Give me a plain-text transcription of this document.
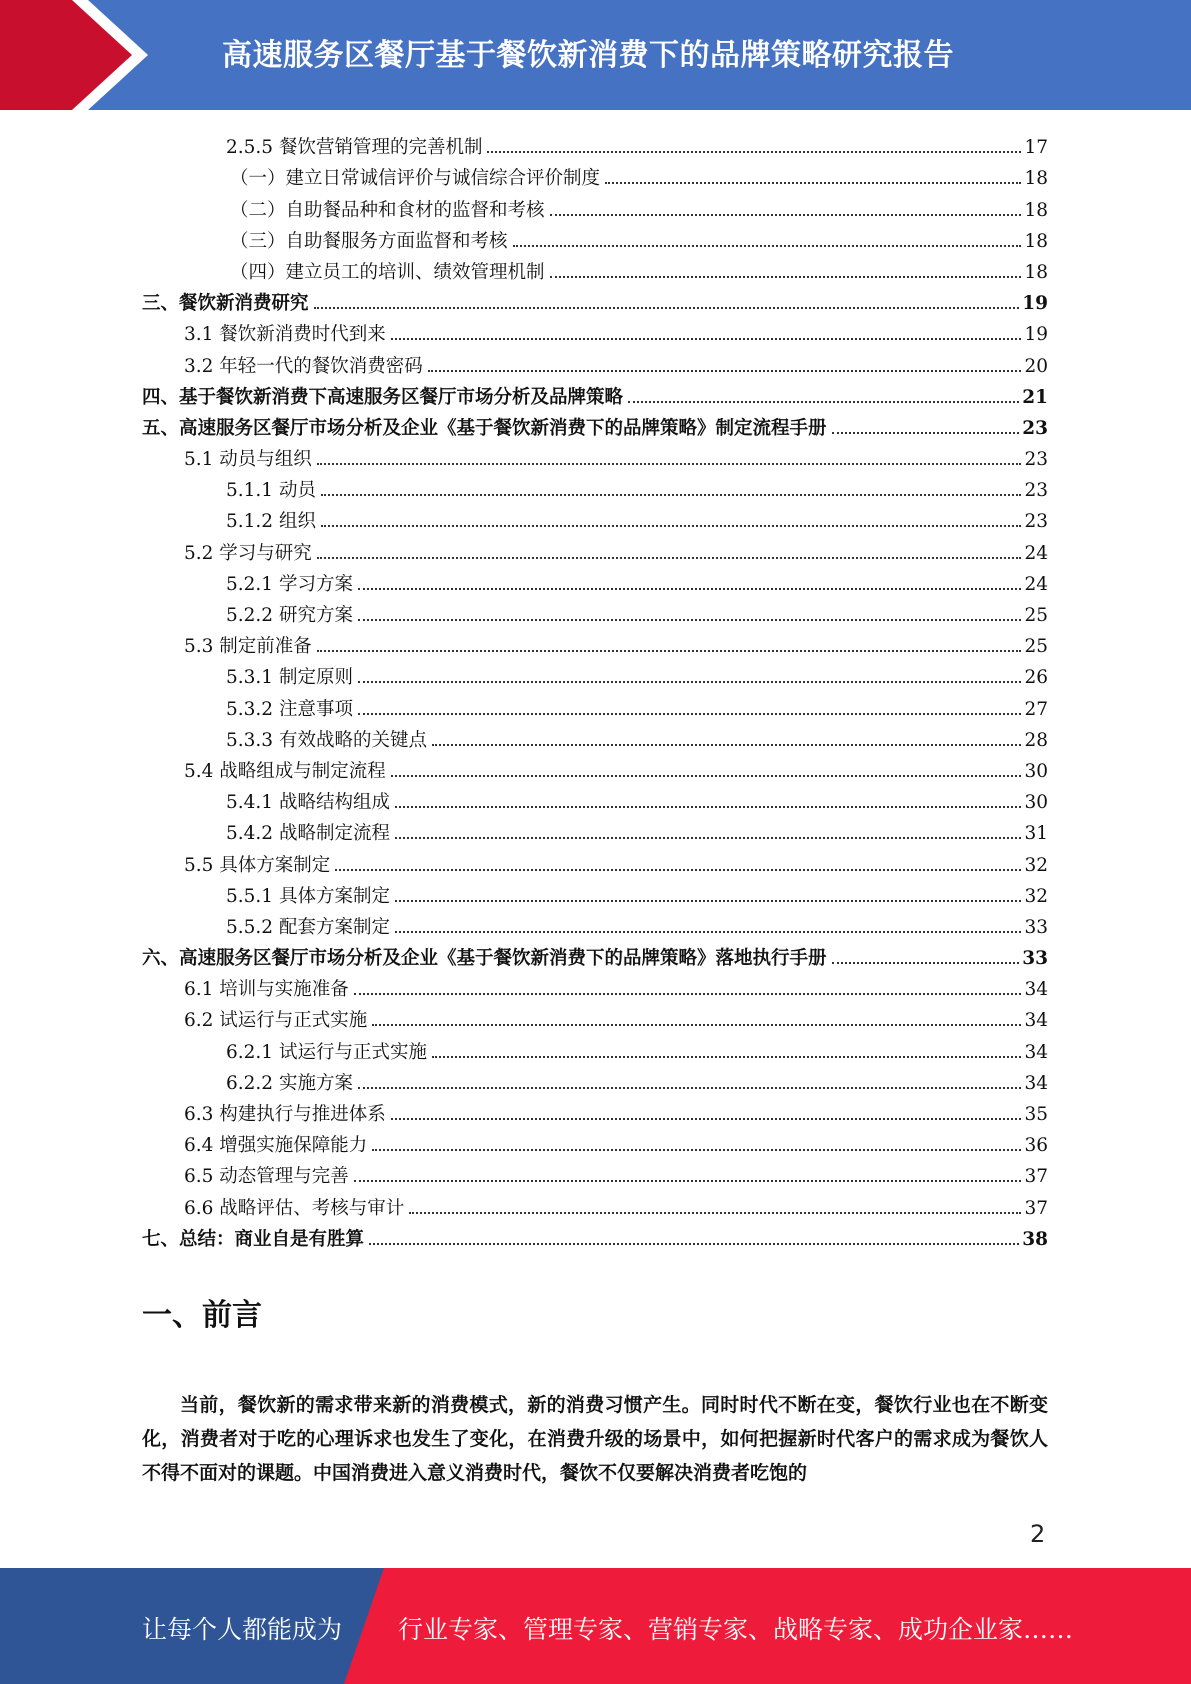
高速服务区餐厅基于餐饮新消费下的品牌策略研究报告
2.5.5 餐饮营销管理的完善机制	17
（一）建立日常诚信评价与诚信综合评价制度	18
（二）自助餐品种和食材的监督和考核	18
（三）自助餐服务方面监督和考核	18
（四）建立员工的培训、绩效管理机制	18
三、餐饮新消费研究	19
3.1 餐饮新消费时代到来	19
3.2 年轻一代的餐饮消费密码	20
四、基于餐饮新消费下高速服务区餐厅市场分析及品牌策略	21
五、高速服务区餐厅市场分析及企业《基于餐饮新消费下的品牌策略》制定流程手册	23
5.1 动员与组织	23
5.1.1 动员	23
5.1.2 组织	23
5.2 学习与研究	24
5.2.1 学习方案	24
5.2.2 研究方案	25
5.3 制定前准备	25
5.3.1 制定原则	26
5.3.2 注意事项	27
5.3.3 有效战略的关键点	28
5.4 战略组成与制定流程	30
5.4.1 战略结构组成	30
5.4.2 战略制定流程	31
5.5 具体方案制定	32
5.5.1 具体方案制定	32
5.5.2 配套方案制定	33
六、高速服务区餐厅市场分析及企业《基于餐饮新消费下的品牌策略》落地执行手册	33
6.1 培训与实施准备	34
6.2 试运行与正式实施	34
6.2.1 试运行与正式实施	34
6.2.2 实施方案	34
6.3 构建执行与推进体系	35
6.4 增强实施保障能力	36
6.5 动态管理与完善	37
6.6 战略评估、考核与审计	37
七、总结：商业自是有胜算	38
一、前言

当前，餐饮新的需求带来新的消费模式，新的消费习惯产生。同时时代不断在变，餐饮行业也在不断变化，消费者对于吃的心理诉求也发生了变化，在消费升级的场景中，如何把握新时代客户的需求成为餐饮人不得不面对的课题。中国消费进入意义消费时代，餐饮不仅要解决消费者吃饱的

2
让每个人都能成为 行业专家、管理专家、营销专家、战略专家、成功企业家……
